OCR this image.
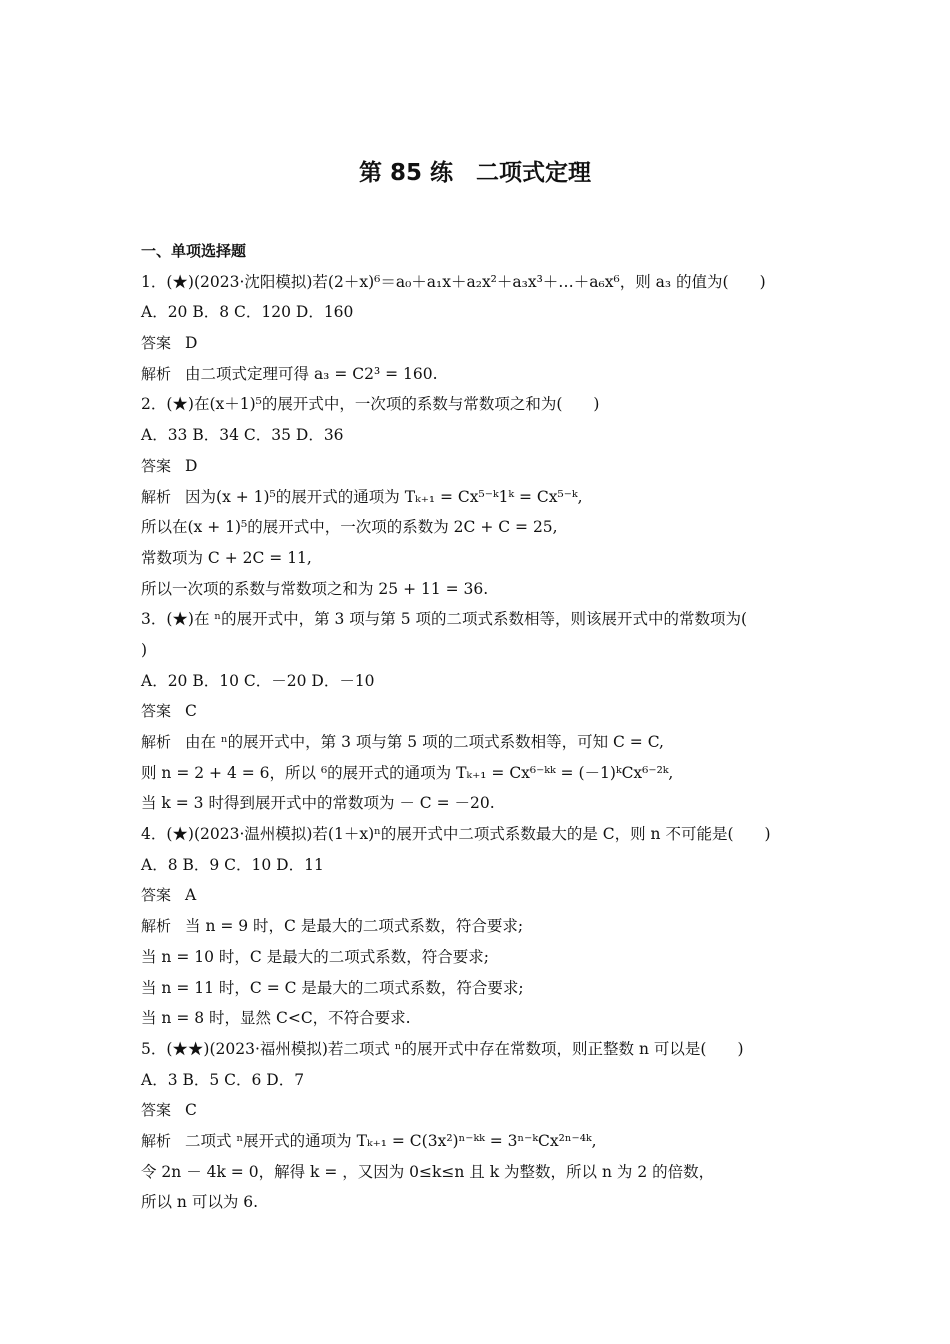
第 85 练　二项式定理
一、单项选择题
1．(★)(2023·沈阳模拟)若(2＋x)⁶＝a₀＋a₁x＋a₂x²＋a₃x³＋…＋a₆x⁶，则 a₃ 的值为(　　)
A．20 B．8 C．120 D．160
答案 D
解析 由二项式定理可得 a₃ = C2³ = 160.
2．(★)在(x＋1)⁵的展开式中，一次项的系数与常数项之和为(　　)
A．33 B．34 C．35 D．36
答案 D
解析 因为(x + 1)⁵的展开式的通项为 Tₖ₊₁ = Cx⁵⁻ᵏ1ᵏ = Cx⁵⁻ᵏ,
所以在(x + 1)⁵的展开式中，一次项的系数为 2C + C = 25,
常数项为 C + 2C = 11,
所以一次项的系数与常数项之和为 25 + 11 = 36.
3．(★)在 ⁿ的展开式中，第 3 项与第 5 项的二项式系数相等，则该展开式中的常数项为(
)
A．20 B．10 C．－20 D．－10
答案 C
解析 由在 ⁿ的展开式中，第 3 项与第 5 项的二项式系数相等，可知 C = C,
则 n = 2 + 4 = 6，所以 ⁶的展开式的通项为 Tₖ₊₁ = Cx⁶⁻ᵏᵏ = (－1)ᵏCx⁶⁻²ᵏ,
当 k = 3 时得到展开式中的常数项为 － C = －20.
4．(★)(2023·温州模拟)若(1＋x)ⁿ的展开式中二项式系数最大的是 C，则 n 不可能是(　　)
A．8 B．9 C．10 D．11
答案 A
解析 当 n = 9 时，C 是最大的二项式系数，符合要求;
当 n = 10 时，C 是最大的二项式系数，符合要求;
当 n = 11 时，C = C 是最大的二项式系数，符合要求;
当 n = 8 时，显然 C<C，不符合要求.
5．(★★)(2023·福州模拟)若二项式 ⁿ的展开式中存在常数项，则正整数 n 可以是(　　)
A．3 B．5 C．6 D．7
答案 C
解析 二项式 ⁿ展开式的通项为 Tₖ₊₁ = C(3x²)ⁿ⁻ᵏᵏ = 3ⁿ⁻ᵏCx²ⁿ⁻⁴ᵏ,
令 2n － 4k = 0，解得 k = ，又因为 0≤k≤n 且 k 为整数，所以 n 为 2 的倍数，
所以 n 可以为 6.
